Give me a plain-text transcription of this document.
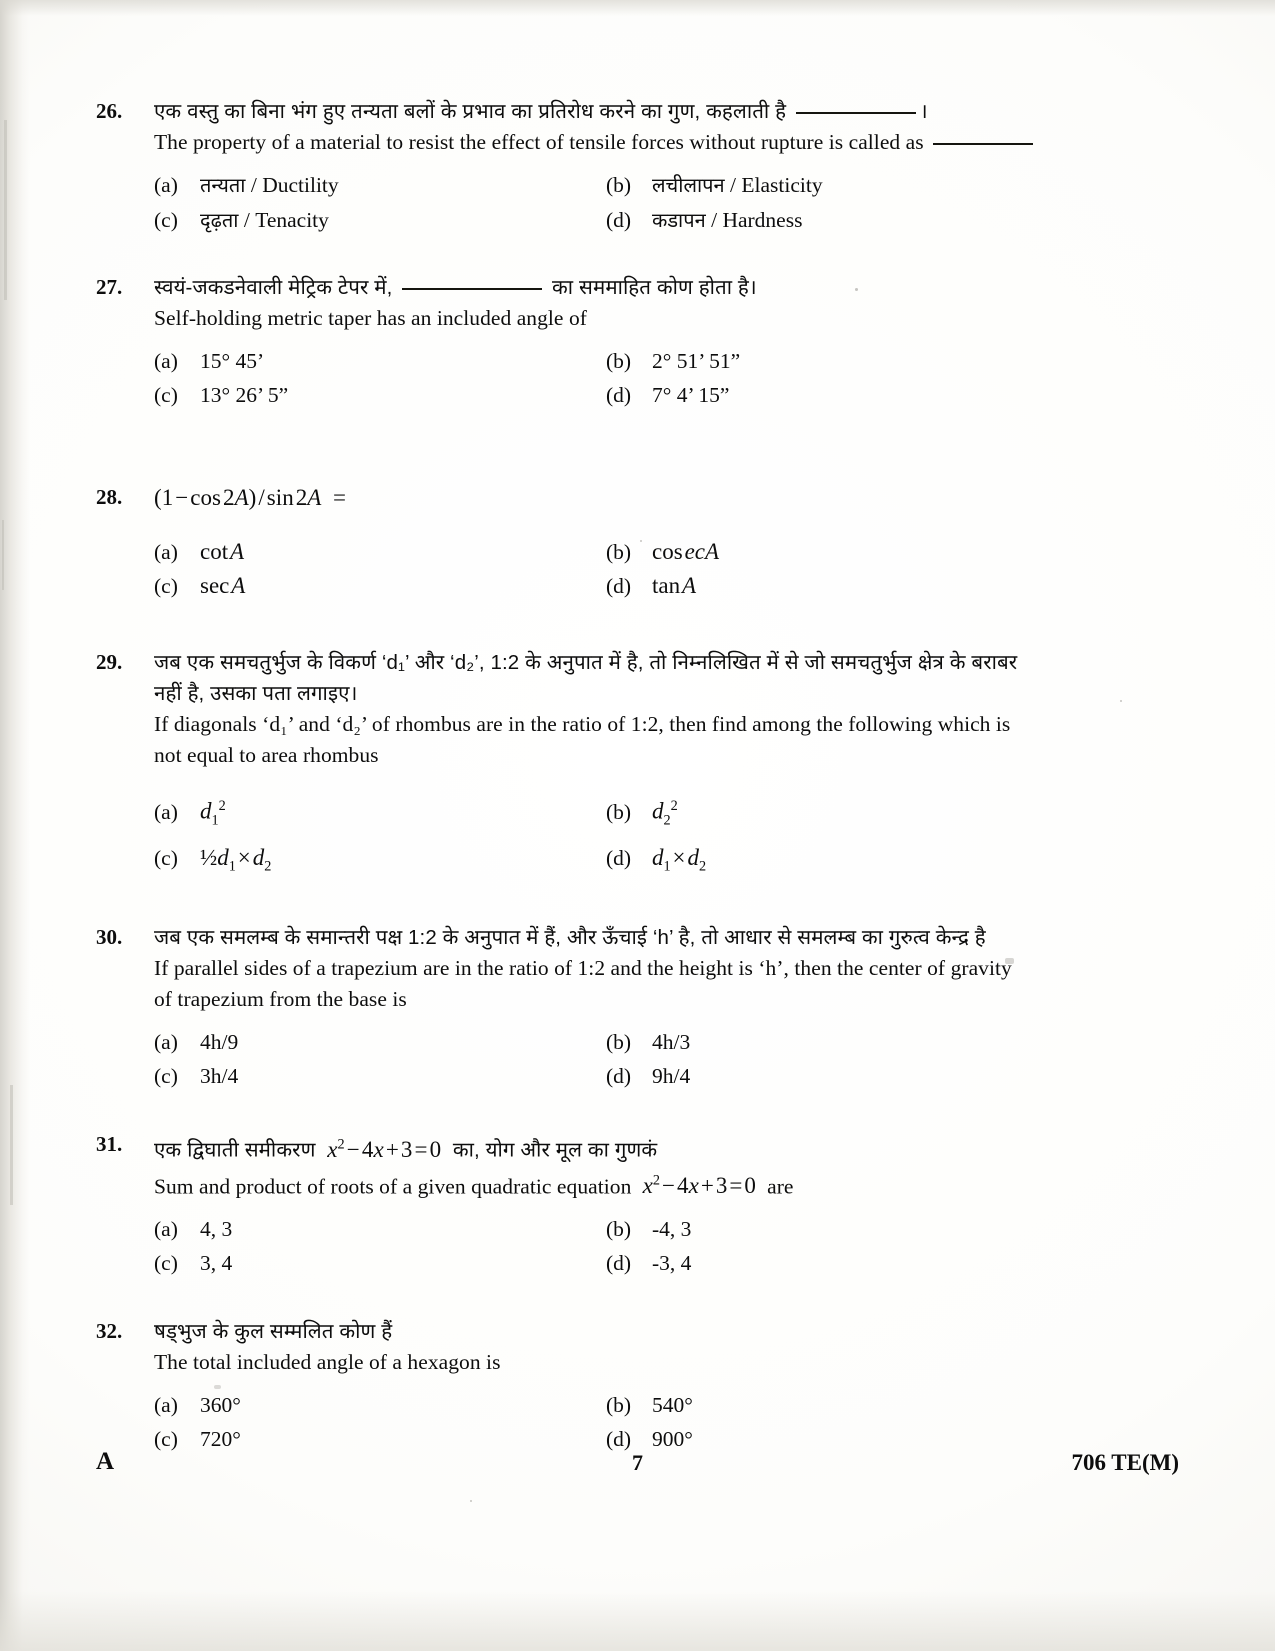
26.	एक वस्तु का बिना भंग हुए तन्यता बलों के प्रभाव का प्रतिरोध करने का गुण, कहलाती है	।
The property of a material to resist the effect of tensile forces without rupture is called as
(a)	तन्यता / Ductility	(b)	लचीलापन / Elasticity
(c)	दृढ़ता / Tenacity	(d)	कडापन / Hardness
27.	स्वयं-जकडनेवाली मेट्रिक टेपर में,	का सममाहित कोण होता है।
Self-holding metric taper has an included angle of
(a)	15° 45’	(b) 2° 51’ 51”
(c)	13° 26’ 5”	(d) 7° 4’ 15”
28.	(1 − cos 2A) / sin 2A  =
(a) cot A	(b) cos ecA
(c) sec A	(d) tan A
29.	जब एक समचतुर्भुज के विकर्ण ‘d₁’ और ‘d₂’, 1:2 के अनुपात में है, तो निम्नलिखित में से जो समचतुर्भुज क्षेत्र के बराबर
नहीं है, उसका पता लगाइए।
If diagonals ‘d₁’ and ‘d₂’ of rhombus are in the ratio of 1:2, then find among the following which is
not equal to area rhombus
(a) $d_1^2$	(b) $d_2^2$
(c) $\frac{1}{2}d_1$ × $d_2$	(d) $d_1$ × $d_2$
30.	जब एक समलम्ब के समान्तरी पक्ष 1:2 के अनुपात में हैं, और ऊँचाई ‘h’ है, तो आधार से समलम्ब का गुरुत्व केन्द्र है
If parallel sides of a trapezium are in the ratio of 1:2 and the height is ‘h’, then the center of gravity
of trapezium from the base is
(a)	4h/9	(b) 4h/3
(c)	3h/4	(d) 9h/4
31.	एक द्विघाती समीकरण $x^2$ − 4x + 3 = 0  का, योग और मूल का गुणकं
Sum and product of roots of a given quadratic equation $x^2$ − 4x + 3 = 0  are
(a)	4, 3	(b) -4, 3
(c)	3, 4	(d) -3, 4
32.	षड्भुज के कुल सम्मलित कोण हैं
The total included angle of a hexagon is
(a)	360°	(b) 540°
(c)	720°	(d) 900°
A	7	706 TE(M)
